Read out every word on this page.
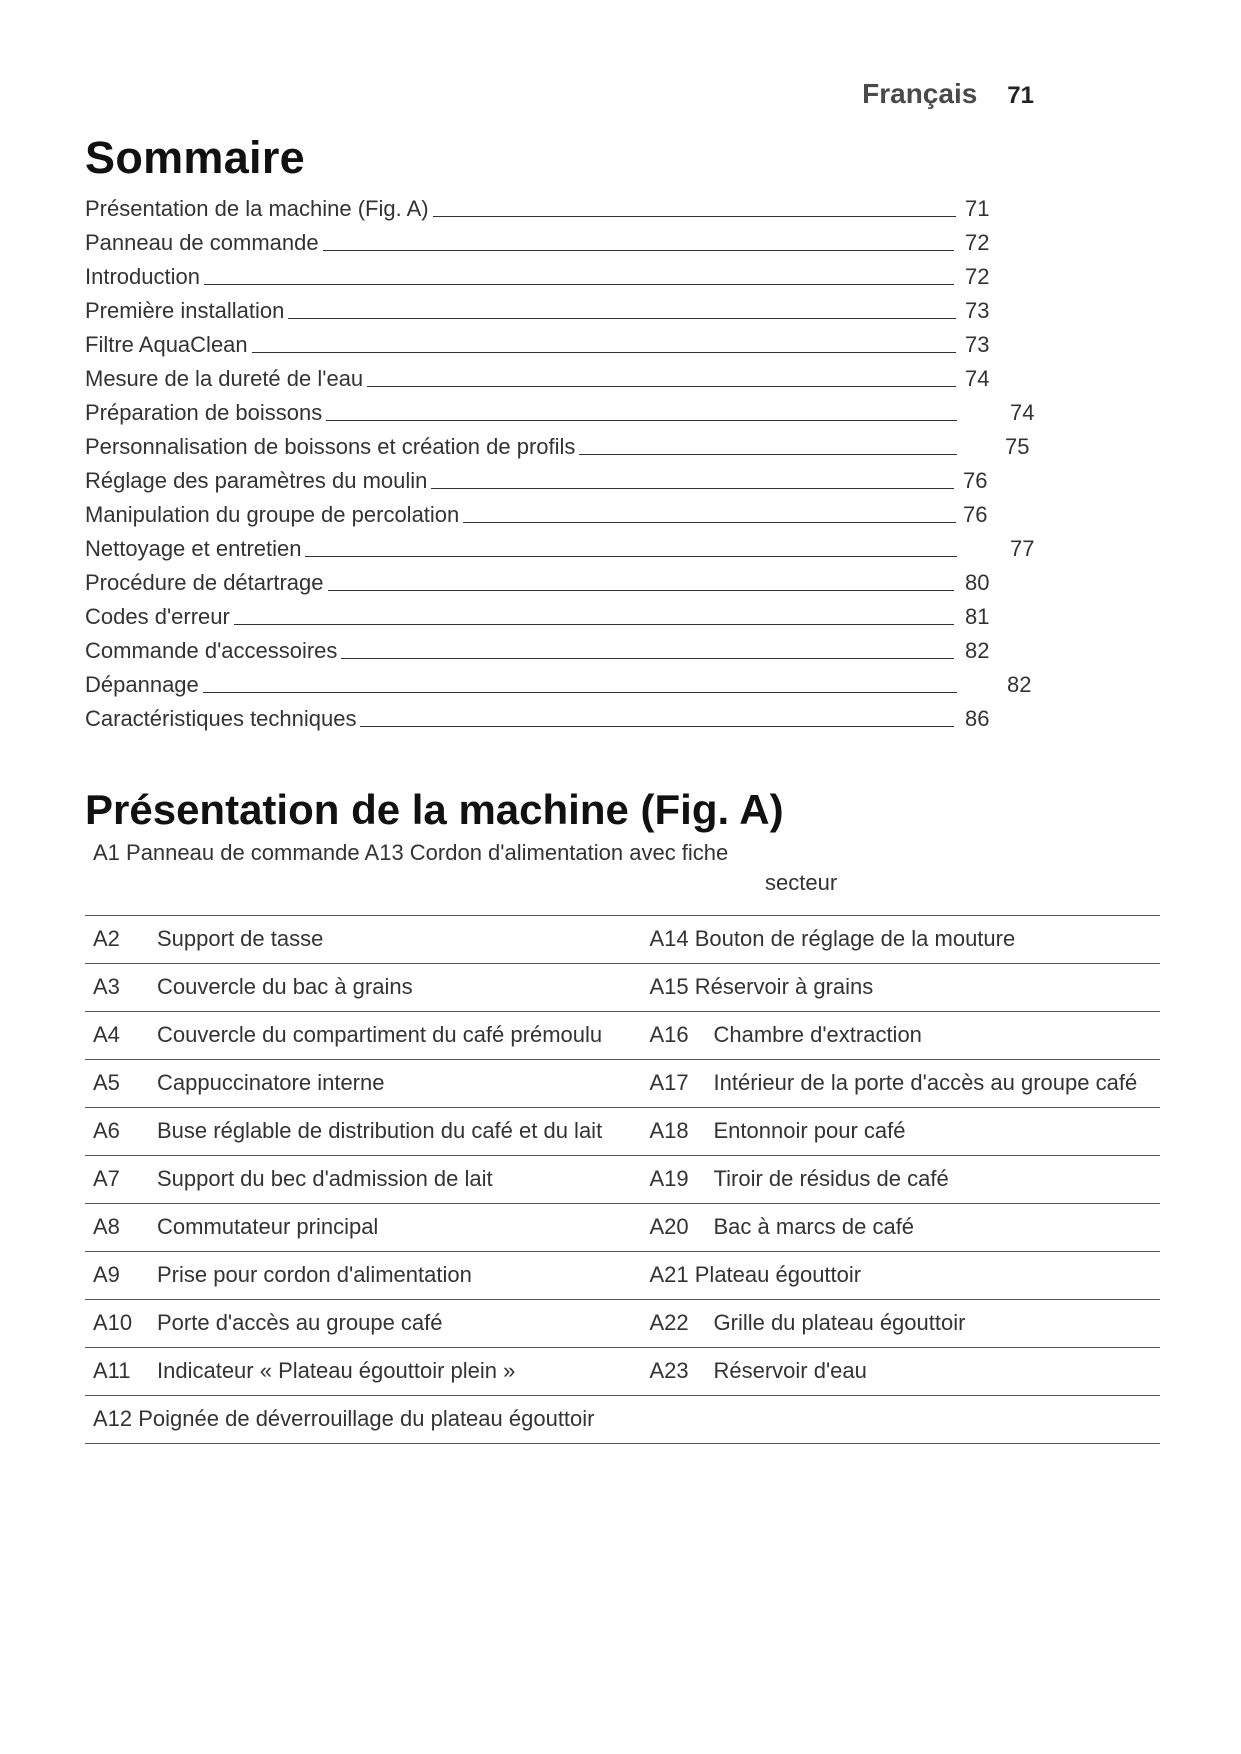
Français 71
Sommaire
Présentation de la machine (Fig. A)	71
Panneau de commande	72
Introduction	72
Première installation	73
Filtre AquaClean	73
Mesure de la dureté de l'eau	74
Préparation de boissons	74
Personnalisation de boissons et création de profils	75
Réglage des paramètres du moulin	76
Manipulation du groupe de percolation	76
Nettoyage et entretien	77
Procédure de détartrage	80
Codes d'erreur	81
Commande d'accessoires	82
Dépannage	82
Caractéristiques techniques	86
Présentation de la machine (Fig. A)
A1 Panneau de commande A13 Cordon d'alimentation avec fiche
secteur
A2	Support de tasse	A14 Bouton de réglage de la mouture
A3	Couvercle du bac à grains	A15 Réservoir à grains
A4	Couvercle du compartiment du café prémoulu	A16	Chambre d'extraction
A5	Cappuccinatore interne	A17	Intérieur de la porte d'accès au groupe café
A6	Buse réglable de distribution du café et du lait	A18	Entonnoir pour café
A7	Support du bec d'admission de lait	A19	Tiroir de résidus de café
A8	Commutateur principal	A20	Bac à marcs de café
A9	Prise pour cordon d'alimentation	A21 Plateau égouttoir
A10	Porte d'accès au groupe café	A22	Grille du plateau égouttoir
A11	Indicateur « Plateau égouttoir plein »	A23	Réservoir d'eau
A12 Poignée de déverrouillage du plateau égouttoir
